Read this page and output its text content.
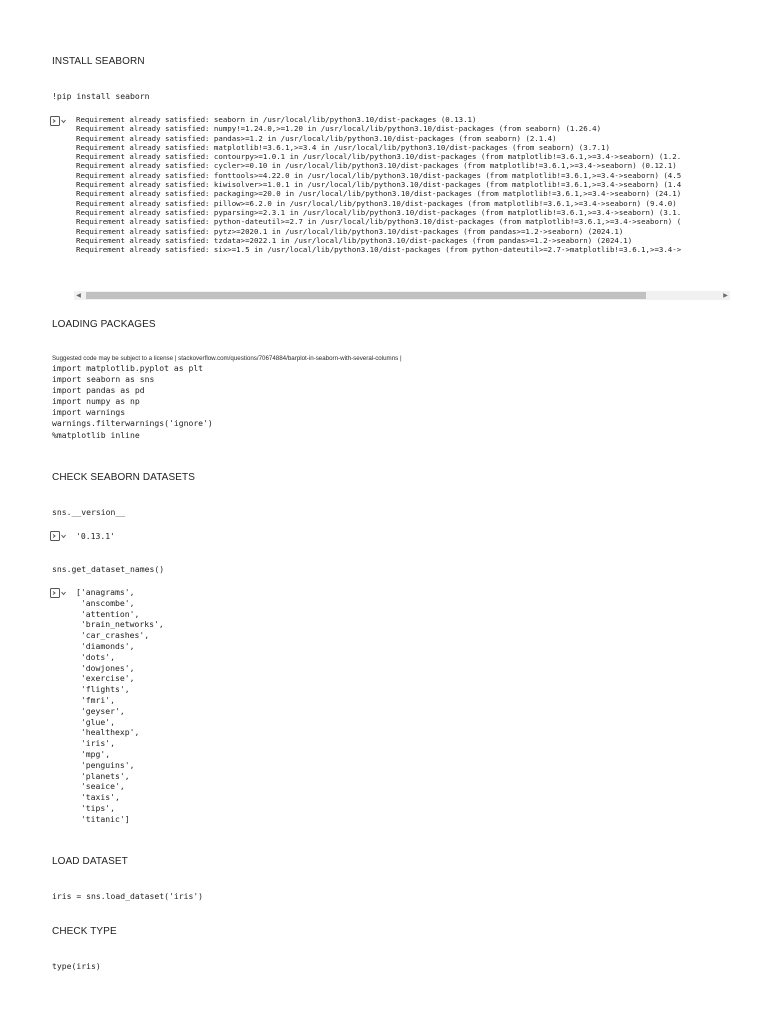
INSTALL SEABORN
!pip install seaborn
Requirement already satisfied: seaborn in /usr/local/lib/python3.10/dist-packages (0.13.1)
Requirement already satisfied: numpy!=1.24.0,>=1.20 in /usr/local/lib/python3.10/dist-packages (from seaborn) (1.26.4)
Requirement already satisfied: pandas>=1.2 in /usr/local/lib/python3.10/dist-packages (from seaborn) (2.1.4)
Requirement already satisfied: matplotlib!=3.6.1,>=3.4 in /usr/local/lib/python3.10/dist-packages (from seaborn) (3.7.1)
Requirement already satisfied: contourpy>=1.0.1 in /usr/local/lib/python3.10/dist-packages (from matplotlib!=3.6.1,>=3.4->seaborn) (1.2.
Requirement already satisfied: cycler>=0.10 in /usr/local/lib/python3.10/dist-packages (from matplotlib!=3.6.1,>=3.4->seaborn) (0.12.1)
Requirement already satisfied: fonttools>=4.22.0 in /usr/local/lib/python3.10/dist-packages (from matplotlib!=3.6.1,>=3.4->seaborn) (4.5
Requirement already satisfied: kiwisolver>=1.0.1 in /usr/local/lib/python3.10/dist-packages (from matplotlib!=3.6.1,>=3.4->seaborn) (1.4
Requirement already satisfied: packaging>=20.0 in /usr/local/lib/python3.10/dist-packages (from matplotlib!=3.6.1,>=3.4->seaborn) (24.1)
Requirement already satisfied: pillow>=6.2.0 in /usr/local/lib/python3.10/dist-packages (from matplotlib!=3.6.1,>=3.4->seaborn) (9.4.0)
Requirement already satisfied: pyparsing>=2.3.1 in /usr/local/lib/python3.10/dist-packages (from matplotlib!=3.6.1,>=3.4->seaborn) (3.1.
Requirement already satisfied: python-dateutil>=2.7 in /usr/local/lib/python3.10/dist-packages (from matplotlib!=3.6.1,>=3.4->seaborn) (
Requirement already satisfied: pytz>=2020.1 in /usr/local/lib/python3.10/dist-packages (from pandas>=1.2->seaborn) (2024.1)
Requirement already satisfied: tzdata>=2022.1 in /usr/local/lib/python3.10/dist-packages (from pandas>=1.2->seaborn) (2024.1)
Requirement already satisfied: six>=1.5 in /usr/local/lib/python3.10/dist-packages (from python-dateutil>=2.7->matplotlib!=3.6.1,>=3.4->
◀	▶
LOADING PACKAGES
Suggested code may be subject to a license | stackoverflow.com/questions/70674884/barplot-in-seaborn-with-several-columns |
import matplotlib.pyplot as plt
import seaborn as sns
import pandas as pd
import numpy as np
import warnings
warnings.filterwarnings('ignore')
%matplotlib inline
CHECK SEABORN DATASETS
sns.__version__
'0.13.1'
sns.get_dataset_names()
['anagrams',
'anscombe',
'attention',
'brain_networks',
'car_crashes',
'diamonds',
'dots',
'dowjones',
'exercise',
'flights',
'fmri',
'geyser',
'glue',
'healthexp',
'iris',
'mpg',
'penguins',
'planets',
'seaice',
'taxis',
'tips',
'titanic']
LOAD DATASET
iris = sns.load_dataset('iris')
CHECK TYPE
type(iris)
